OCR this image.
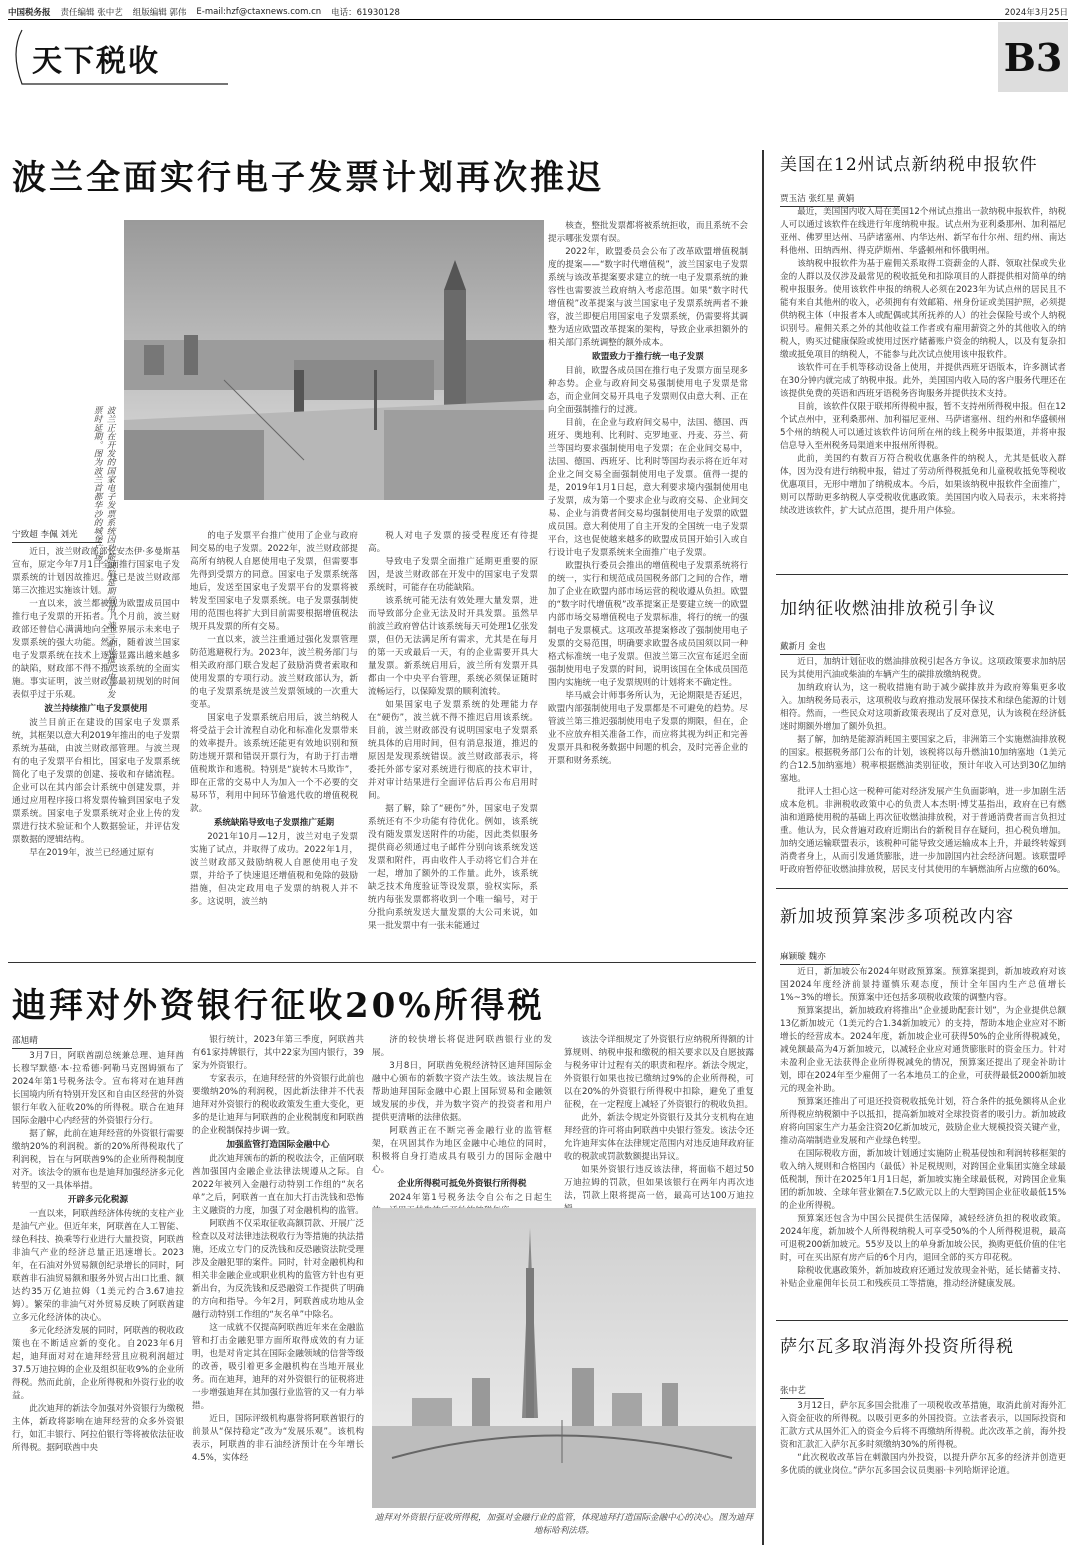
中国税务报 责任编辑 张中艺 组版编辑 郭伟 E-mail:hzf@ctaxnews.com.cn 电话：61930128	2024年3月25日
天下税收	B3
波兰全面实行电子发票计划再次推迟
波兰正在开发的国家电子发票系统因功能缺陷延期启用。波兰企业推广电子发票时延期。图为波兰首都华沙的城堡广场。

核查，整批发票都将被系统拒收，而且系统不会提示哪张发票有误。

2022年，欧盟委员会公布了改革欧盟增值税制度的提案——“数字时代增值税”，波兰国家电子发票系统与该改革提案要求建立的统一电子发票系统的兼容性也需要波兰政府纳入考虑范围。如果“数字时代增值税”改革提案与波兰国家电子发票系统两者不兼容，波兰即便启用国家电子发票系统，仍需要将其调整为适应欧盟改革提案的架构，导致企业承担额外的相关部门系统调整的额外成本。

欧盟致力于推行统一电子发票

目前，欧盟各成员国在推行电子发票方面呈现多种态势。企业与政府间交易强制使用电子发票是常态，而企业间交易开具电子发票则仅由意大利、正在向全面强制推行的过渡。

目前，在企业与政府间交易中，法国、德国、西班牙、奥地利、比利时、克罗地亚、丹麦、芬兰、荷兰等国均要求强制使用电子发票；在企业间交易中，法国、德国、西班牙、比利时等国均表示将在近年对企业之间交易全面强制使用电子发票。值得一提的是，2019年1月1日起，意大利要求境内强制使用电子发票，成为第一个要求企业与政府交易、企业间交易、企业与消费者间交易均强制使用电子发票的欧盟成员国。意大利使用了自主开发的全国统一电子发票平台，这也促使越来越多的欧盟成员国开始引入或自行设计电子发票系统来全面推广电子发票。

欧盟执行委员会推出的增值税电子发票系统将行的统一，实行和规范成员国税务部门之间的合作，增加了企业在欧盟内部市场运营的税收遵从负担。欧盟的“数字时代增值税”改革提案正是要建立统一的欧盟内部市场交易增值税电子发票标准，将行的统一的强制电子发票模式。这项改革提案修改了强制使用电子发票的交易范围，明确要求欧盟各成员国须以同一种格式标准统一电子发票。但波兰第三次宣布延迟全面强制使用电子发票的时间，说明该国在全体成员国范围内实施统一电子发票规则的计划将来不确定性。

毕马威会计师事务所认为，无论期限是否延迟，欧盟内部强制使用电子发票都是不可避免的趋势。尽管波兰第三推迟强制使用电子发票的期限，但在，企业不应放弃相关准备工作，而应将其视为纠正和完善发票开具和税务数据中间题的机会，及时完善企业的开票和财务系统。

宁致超 李佩 刘光

近日，波兰财政部部长安杰伊·多曼斯基宣布，原定今年7月1日全面推行国家电子发票系统的计划因故推迟。这已是波兰财政部第三次推迟实施该计划。

一直以来，波兰都被视为欧盟成员国中推行电子发票的开拓者。几个月前，波兰财政部还曾信心满满地向全世界展示未来电子发票系统的强大功能。然而，随着波兰国家电子发票系统在技术上逐渐显露出越来越多的缺陷，财政部不得不推迟该系统的全面实施。事实证明，波兰财政部最初规划的时间表似乎过于乐观。

波兰持续推广电子发票使用

波兰目前正在建设的国家电子发票系统，其框架以意大利2019年推出的电子发票系统为基础，由波兰财政部管理。与波兰现有的电子发票平台相比，国家电子发票系统简化了电子发票的创建、接收和存储流程。企业可以在其内部会计系统中创建发票，并通过应用程序接口将发票传输到国家电子发票系统。国家电子发票系统对企业上传的发票进行技术验证和个人数据验证，并评估发票数据的逻辑结构。

早在2019年，波兰已经通过原有

的电子发票平台推广使用了企业与政府间交易的电子发票。2022年，波兰财政部提高所有纳税人自愿使用电子发票，但需要事先得到受票方的同意。国家电子发票系统落地后，发送至国家电子发票平台的发票将被转发至国家电子发票系统。电子发票强制使用的范围也将扩大到目前需要根据增值税法规开具发票的所有交易。

一直以来，波兰注重通过强化发票管理防范逃避税行为。2023年，波兰税务部门与相关政府部门联合发起了鼓励消费者索取和使用发票的专项行动。波兰财政部认为，新的电子发票系统是波兰发票领域的一次重大变革。

国家电子发票系统启用后，波兰纳税人将受益于会计流程自动化和标准化发票带来的效率提升。该系统还能更有效地识别和预防违规开票和错误开票行为，有助于打击增值税欺诈和逃税。特别是“旋转木马欺诈”，即在正常的交易中人为加入一个不必要的交易环节，利用中间环节偷逃代收的增值税税款。

系统缺陷导致电子发票推广延期

2021年10月—12月，波兰对电子发票实施了试点，并取得了成功。2022年1月，波兰财政部又鼓励纳税人自愿使用电子发票，并给予了快速退还增值税和免除的鼓励措施，但决定政用电子发票的纳税人并不多。这说明，波兰纳

税人对电子发票的接受程度还有待提高。

导致电子发票全面推广延期更重要的原因，是波兰财政部在开发中的国家电子发票系统时，可能存在功能缺陷。

该系统可能无法有效处理大量发票，进而导致部分企业无法及时开具发票。虽然早前波兰政府曾估计该系统每天可处理1亿张发票，但仍无法满足所有需求，尤其是在每月的第一天或最后一天，有的企业需要开具大量发票。新系统启用后，波兰所有发票开具都由一个中央平台管理，系统必须保证随时流畅运行，以保障发票的顺利流转。

如果国家电子发票系统的处理能力存在“硬伤”，波兰就不得不推迟启用该系统。目前，波兰财政部没有说明国家电子发票系统具体的启用时间，但有消息报道，推迟的原因是发现系统错误。波兰财政部表示，将委托外部专家对系统进行彻底的技术审计，并对审计结果进行全面评估后再公布启用时间。

据了解，除了“硬伤”外，国家电子发票系统还有不少功能有待优化。例如，该系统没有随发票发送附件的功能，因此类似服务提供商必须通过电子邮件分别向该系统发送发票和附件，再由收件人手动将它们合并在一起，增加了额外的工作量。此外，该系统缺乏技术角度验证等设发票，验权实际，系统内每张发票都将收到一个唯一编号，对于分批向系统发送大量发票的大公司来说，如果一批发票中有一张未能通过

迪拜对外资银行征收20%所得税
邵旭晴

3月7日，阿联酋副总统兼总理、迪拜酋长穆罕默德·本·拉希德·阿勒马克图姆颁布了2024年第1号税务法令。宣布将对在迪拜酋长国境内所有特别开发区和自由区经营的外资银行年收入征收20%的所得税。联合在迪拜国际金融中心内经营的外资银行分行。

据了解，此前在迪拜经营的外资银行需要缴纳20%的利润税。新的20%所得税取代了利润税，旨在与阿联酋9%的企业所得税制度对齐。该法令的颁布也是迪拜加强经济多元化转型的又一具体举措。

开辟多元化税源

一直以来，阿联酋经济体传统的支柱产业是油气产业。但近年来，阿联酋在人工智能、绿色科技、换乘等行业进行大量投资，阿联酋非油气产业的经济总量正迅速增长。2023年，在石油对外贸易额创纪录增长的同时，阿联酋非石油贸易额和服务外贸占出口比重、额达约35万亿迪拉姆（1美元约合3.67迪拉姆）。繁荣的非油气对外贸易反映了阿联酋建立多元化经济体的决心。

多元化经济发展的同时，阿联酋的税收政策也在不断适应新的变化。自2023年6月起，迪拜面对对在迪拜经营且应税利润超过37.5万迪拉姆的企业及组织征收9%的企业所得税。然而此前，企业所得税和外资行业的收益。

此次迪拜的新法令加强对外资银行为缴税主体，新政将影响在迪拜经营的众多外资银行，如汇丰银行、阿拉伯银行等将被依法征收所得税。据阿联酋中央

银行统计，2023年第三季度，阿联酋共有61家持牌银行，其中22家为国内银行，39家为外资银行。

专家表示，在迪拜经营的外资银行此前也要缴纳20%的利润税，因此新法律并不代表迪拜对外资银行的税收政策发生重大变化，更多的是让迪拜与阿联酋的企业税制度和阿联酋的企业税制保持步调一致。

加强监管打造国际金融中心

此次迪拜颁布的新的税收法令，正值阿联酋加强国内金融企业法律法规遵从之际。自2022年被列入金融行动特别工作组的“灰名单”之后，阿联酋一直在加大打击洗钱和恐怖主义融资的力度，加强了对金融机构的监管。

阿联酋不仅采取征收高额罚款、开展广泛检查以及对法律违法税收行为等措施的执法措施，还成立专门的反洗钱和反恐融资法院受理涉及金融犯罪的案件。同时，针对金融机构和相关非金融企业或职业机构的监管方针也有更新出台，为反洗钱和反恐融资工作提供了明确的方向和指导。今年2月，阿联酋成功地从金融行动特别工作组的“灰名单”中除名。

这一成就不仅提高阿联酋近年来在金融监管和打击金融犯罪方面所取得成效的有力证明，也是对肯定其在国际金融领域的信誉等级的改善，吸引着更多金融机构在当地开展业务。而在迪拜，迪拜的对外资银行的征税将进一步增强迪拜在其加强行业监管的又一有力举措。

近日，国际评级机构惠誉将阿联酋银行的前景从“保持稳定”改为“发展乐观”。该机构表示，阿联酋的非石油经济预计在今年增长4.5%，实体经

济的较快增长将促进阿联酋银行业的发展。

3月8日，阿联酋免税经济特区迪拜国际金融中心颁布的新数字资产法生效。该法规旨在帮助迪拜国际金融中心跟上国际贸易和金融领域发展的步伐，并为数字资产的投资者和用户提供更清晰的法律依据。

阿联酋正在不断完善金融行业的监管框架，在巩固其作为地区金融中心地位的同时，积极将自身打造成具有吸引力的国际金融中心。

企业所得税可抵免外资银行所得税

2024年第1号税务法令自公布之日起生

该法令详细规定了外资银行应纳税所得额的计算规则、纳税申报和缴税的相关要求以及自愿披露与税务审计过程有关的职责和程序。新法令规定，外资银行如果也按已缴纳过9%的企业所得税，可以在20%的外资银行所得税中扣除，避免了重复征税，在一定程度上减轻了外资银行的税收负担。

此外，新法令规定外资银行及其分支机构在迪拜经营的许可将由阿联酋中央银行签发。该法令还允许迪拜实体在法律规定范围内对违反迪拜政府征收的税款或罚款数额提出异议。

如果外资银行违反该法律，将面临不超过50万迪拉姆的罚款，但如果该银行在两年内再次违法，罚款上限将提高一倍，最高可达100万迪拉

迪拜对外资银行征收所得税，加强对金融行业的监管，体现迪拜打造国际金融中心的决心。图为迪拜地标哈利法塔。
美国在12州试点新纳税申报软件
贾玉洁 张红星 黄娟

最近，美国国内收入局在美国12个州试点推出一款纳税申报软件，纳税人可以通过该软件在线进行年度纳税申报。试点州为亚利桑那州、加利福尼亚州、佛罗里达州、马萨诸塞州、内华达州、新罕布什尔州、纽约州、南达科他州、田纳西州、得克萨斯州、华盛顿州和怀俄明州。

该纳税申报软件为基于雇佣关系取得工资薪金的人群、领取社保或失业金的人群以及仅涉及最常见的税收抵免和扣除项目的人群提供相对简单的纳税申报服务。使用该软件申报的纳税人必须在2023年为试点州的居民且不能有来自其他州的收入，必须拥有有效邮箱、州身份证或美国护照，必须提供纳税主体（申报者本人或配偶或其所抚养的人）的社会保险号或个人纳税识别号。雇佣关系之外的其他收益工作者或有雇用薪资之外的其他收入的纳税人，购买过健康保险或使用过医疗储蓄账户资金的纳税人，以及有复杂扣缴或抵免项目的纳税人，不能参与此次试点使用该申报软件。

该软件可在手机等移动设备上使用，并提供西班牙语版本，许多测试者在30分钟内就完成了纳税申报。此外，美国国内收入局的客户服务代理还在该提供免费的英语和西班牙语税务咨询服务并提供技术支持。

目前，该软件仅限于联邦所得税申报，暂不支持州所得税申报。但在12个试点州中，亚利桑那州、加利福尼亚州、马萨诸塞州、纽约州和华盛顿州5个州的纳税人可以通过该软件访问所在州的线上税务申报渠道，并将申报信息导入至州税务局渠道来申报州所得税。

此前，美国约有数百万符合税收优惠条件的纳税人，尤其是低收入群体，因为没有进行纳税申报，错过了劳动所得税抵免和儿童税收抵免等税收优惠项目，无形中增加了纳税成本。今后，如果该纳税申报软件全面推广，则可以帮助更多纳税人享受税收优惠政策。美国国内收入局表示，未来将持续改进该软件，扩大试点范围，提升用户体验。

加纳征收燃油排放税引争议
戴新月 金也

近日，加纳计划征收的燃油排放税引起各方争议。这项政策要求加纳居民为其使用汽油或柴油的车辆产生的碳排放缴纳税费。

加纳政府认为，这一税收措施有助于减少碳排放并为政府筹集更多收入。加纳税务局表示，这项税收与政府推动发展环保技术和绿色能源的计划相符。然而，一些民众对这项新政策表现出了反对意见，认为该税在经济低迷时期额外增加了额外负担。

据了解，加纳是能源消耗国主要国家之后，非洲第三个实施燃油排放税的国家。根据税务部门公布的计划，该税将以每升燃油10加纳塞地（1美元约合12.5加纳塞地）税率根据燃油类别征收，预计年收入可达到30亿加纳塞地。

批评人士担心这一税种可能对经济发展产生负面影响，进一步加剧生活成本危机。非洲税收政策中心的负责人本杰明·博艾基指出，政府在已有燃油和道路使用税的基础上再次征收燃油排放税，对于普通消费者而言负担过重。他认为，民众普遍对政府近期出台的新税目存在疑问，担心税负增加。加纳交通运输联盟表示，该税种可能导致交通运输成本上升，并最终转嫁到消费者身上，从而引发通货膨胀，进一步加剧国内社会经济问题。该联盟呼吁政府暂停征收燃油排放税，居民支付其使用的车辆燃油所占应缴的60%。

新加坡预算案涉多项税改内容
麻颖璇 魏亦

近日，新加坡公布2024年财政预算案。预算案提到，新加坡政府对该国2024年度经济前景持谨慎乐观态度，预计全年国内生产总值增长1%~3%的增长。预算案中还包括多项税收政策的调整内容。

预算案提出，新加坡政府将推出“企业援助配套计划”，为企业提供总额13亿新加坡元（1美元约合1.34新加坡元）的支持，帮助本地企业应对不断增长的经营成本。2024年度，新加坡企业可获得50%的企业所得税减免，减免额最高为4万新加坡元，以减轻企业应对通货膨胀时的资金压力。针对未盈利企业无法获得企业所得税减免的情况，预算案还提出了现金补助计划，即在2024年至少雇佣了一名本地员工的企业，可获得最低2000新加坡元的现金补助。

预算案还推出了可退还投资税收抵免计划，符合条件的抵免额将从企业所得税应纳税额中予以抵扣，提高新加坡对全球投资者的吸引力。新加坡政府将向国家生产力基金注资20亿新加坡元，鼓励企业大规模投资关键产业，推动高端制造业发展和产业绿色转型。

在国际税收方面，新加坡计划通过实施防止税基侵蚀和利润转移框架的收入纳入规则和合格国内（最低）补足税规则，对跨国企业集团实施全球最低税制，预计在2025年1月1日起，新加坡实施全球最低税，对跨国企业集团的新加坡、全球年营业额在7.5亿欧元以上的大型跨国企业征收最低15%的企业所得税。

预算案还包含为中国公民提供生活保障，减轻经济负担的税收政策。2024年度，新加坡个人所得税纳税人可享受50%的个人所得税退税，最高可退税200新加坡元。55岁及以上的单身新加坡公民，换购更低价值的住宅时，可在买出原有房产后的6个月内，退回全部的买方印花税。

除税收优惠政策外，新加坡政府还通过发放现金补贴，延长储蓄支持、补贴企业雇佣年长员工和残疾员工等措施，推动经济健康发展。

萨尔瓦多取消海外投资所得税
张中艺

3月12日，萨尔瓦多国会批准了一项税收改革措施，取消此前对海外汇入资金征收的所得税。以吸引更多的外国投资。立法者表示，以国际投资和汇款方式从国外汇入的资金今后将不再缴纳所得税。此次改革之前，海外投资和汇款汇入萨尔瓦多时须缴纳30%的所得税。

“此次税收改革旨在刺激国内外投资，以提升萨尔瓦多的经济并创造更多优质的就业岗位。”萨尔瓦多国会议员奥丽·卡列哈斯评论道。
